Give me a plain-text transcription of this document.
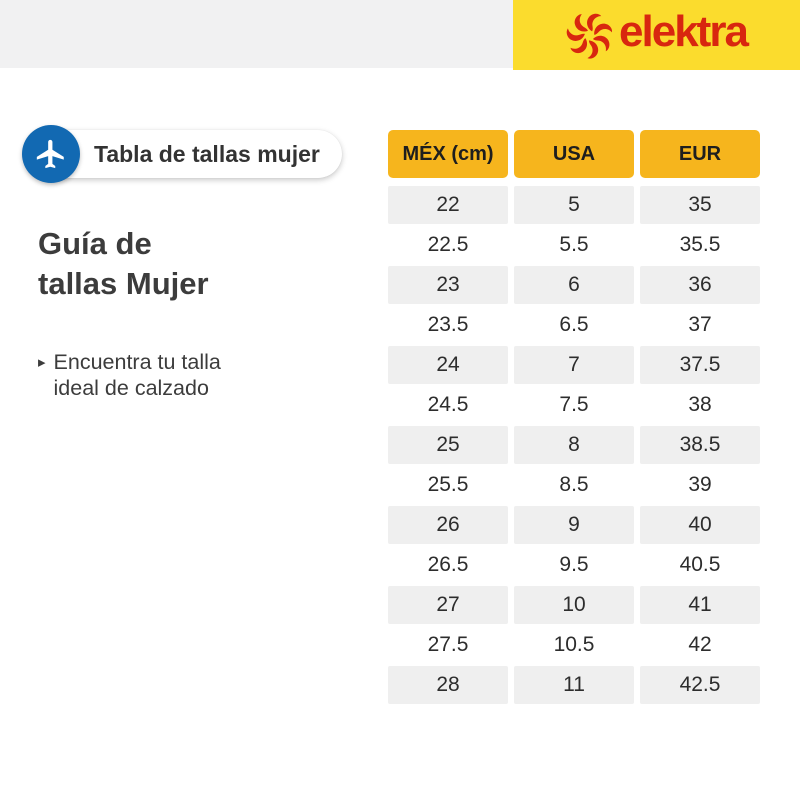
elektra
Tabla de tallas mujer
Guía de
tallas Mujer
▸ Encuentra tu talla ideal de calzado
MÉX (cm)	USA	EUR
22	5	35
22.5	5.5	35.5
23	6	36
23.5	6.5	37
24	7	37.5
24.5	7.5	38
25	8	38.5
25.5	8.5	39
26	9	40
26.5	9.5	40.5
27	10	41
27.5	10.5	42
28	11	42.5
